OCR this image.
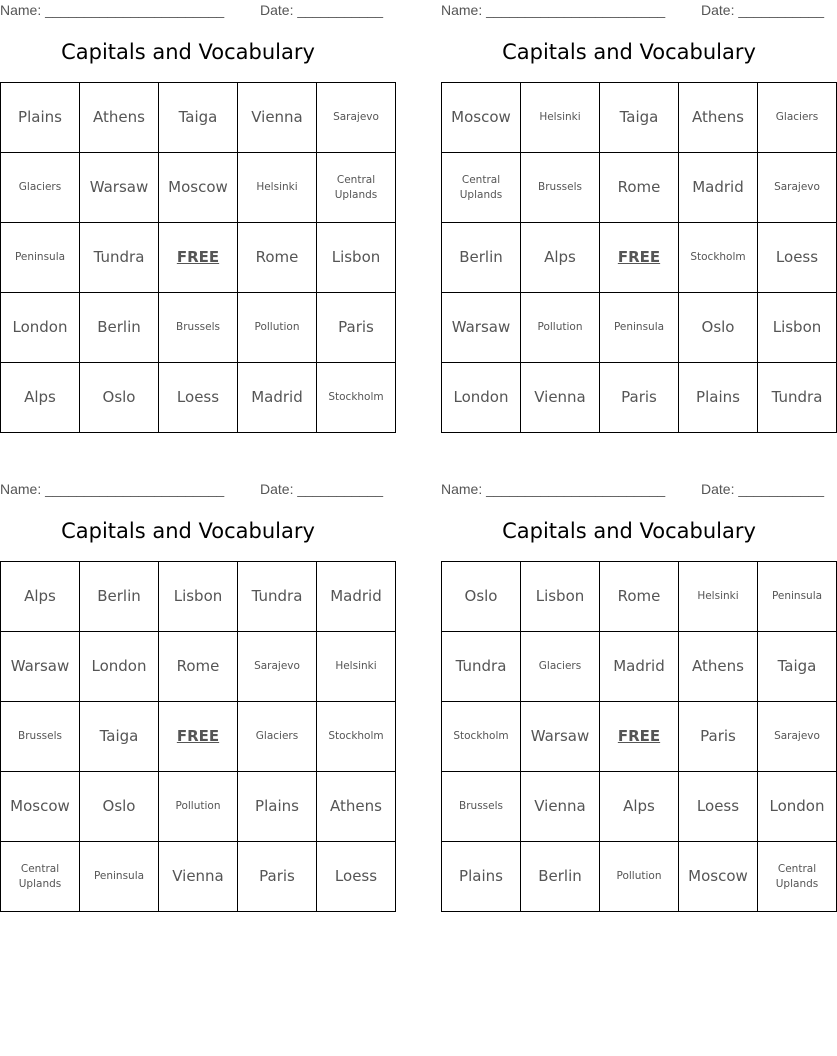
Name: _______________________	Date: ___________
Capitals and Vocabulary
Plains	Athens	Taiga	Vienna	Sarajevo
Glaciers	Warsaw	Moscow	Helsinki	Central Uplands
Peninsula	Tundra	FREE	Rome	Lisbon
London	Berlin	Brussels	Pollution	Paris
Alps	Oslo	Loess	Madrid	Stockholm
Name: _______________________	Date: ___________
Capitals and Vocabulary
Moscow	Helsinki	Taiga	Athens	Glaciers
Central Uplands	Brussels	Rome	Madrid	Sarajevo
Berlin	Alps	FREE	Stockholm	Loess
Warsaw	Pollution	Peninsula	Oslo	Lisbon
London	Vienna	Paris	Plains	Tundra
Name: _______________________	Date: ___________
Capitals and Vocabulary
Alps	Berlin	Lisbon	Tundra	Madrid
Warsaw	London	Rome	Sarajevo	Helsinki
Brussels	Taiga	FREE	Glaciers	Stockholm
Moscow	Oslo	Pollution	Plains	Athens
Central Uplands	Peninsula	Vienna	Paris	Loess
Name: _______________________	Date: ___________
Capitals and Vocabulary
Oslo	Lisbon	Rome	Helsinki	Peninsula
Tundra	Glaciers	Madrid	Athens	Taiga
Stockholm	Warsaw	FREE	Paris	Sarajevo
Brussels	Vienna	Alps	Loess	London
Plains	Berlin	Pollution	Moscow	Central Uplands
